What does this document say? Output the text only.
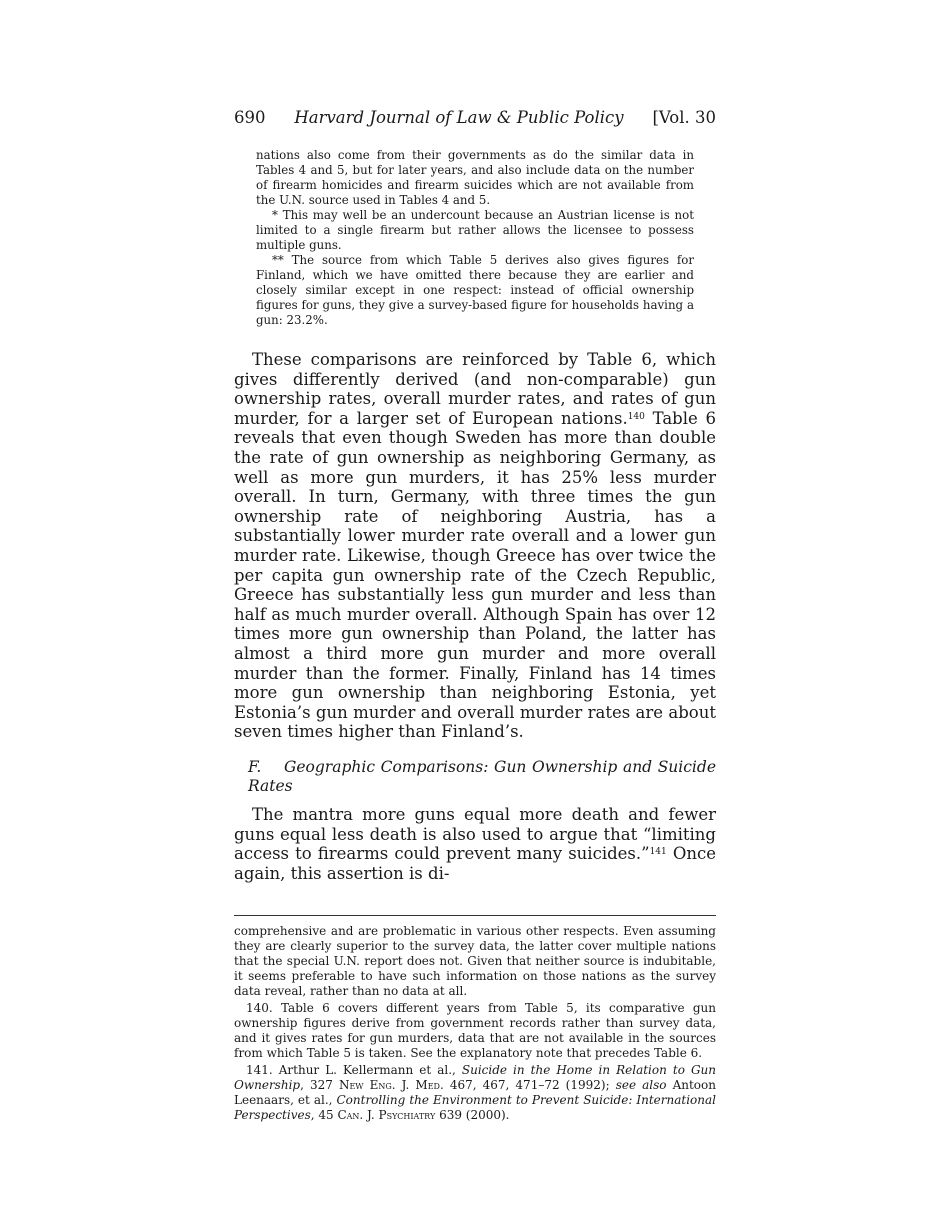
690 Harvard Journal of Law & Public Policy [Vol. 30

nations also come from their governments as do the similar data in Tables 4 and 5, but for later years, and also include data on the number of firearm homicides and firearm suicides which are not available from the U.N. source used in Tables 4 and 5.

* This may well be an undercount because an Austrian license is not limited to a single firearm but rather allows the licensee to possess multiple guns.

** The source from which Table 5 derives also gives figures for Finland, which we have omitted there because they are earlier and closely similar except in one respect: instead of official ownership figures for guns, they give a survey-based figure for households having a gun: 23.2%.

These comparisons are reinforced by Table 6, which gives differently derived (and non-comparable) gun ownership rates, overall murder rates, and rates of gun murder, for a larger set of European nations.$^{140}$ Table 6 reveals that even though Sweden has more than double the rate of gun ownership as neighboring Germany, as well as more gun murders, it has 25% less murder overall. In turn, Germany, with three times the gun ownership rate of neighboring Austria, has a substantially lower murder rate overall and a lower gun murder rate. Likewise, though Greece has over twice the per capita gun ownership rate of the Czech Republic, Greece has substantially less gun murder and less than half as much murder overall. Although Spain has over 12 times more gun ownership than Poland, the latter has almost a third more gun murder and more overall murder than the former. Finally, Finland has 14 times more gun ownership than neighboring Estonia, yet Estonia’s gun murder and overall murder rates are about seven times higher than Finland’s.

F. Geographic Comparisons: Gun Ownership and Suicide Rates

The mantra more guns equal more death and fewer guns equal less death is also used to argue that “limiting access to firearms could prevent many suicides.”$^{141}$ Once again, this assertion is di-

comprehensive and are problematic in various other respects. Even assuming they are clearly superior to the survey data, the latter cover multiple nations that the special U.N. report does not. Given that neither source is indubitable, it seems preferable to have such information on those nations as the survey data reveal, rather than no data at all.

140. Table 6 covers different years from Table 5, its comparative gun ownership figures derive from government records rather than survey data, and it gives rates for gun murders, data that are not available in the sources from which Table 5 is taken. See the explanatory note that precedes Table 6.

141. Arthur L. Kellermann et al., Suicide in the Home in Relation to Gun Ownership, 327 New Eng. J. Med. 467, 467, 471–72 (1992); see also Antoon Leenaars, et al., Controlling the Environment to Prevent Suicide: International Perspectives, 45 Can. J. Psychiatry 639 (2000).
